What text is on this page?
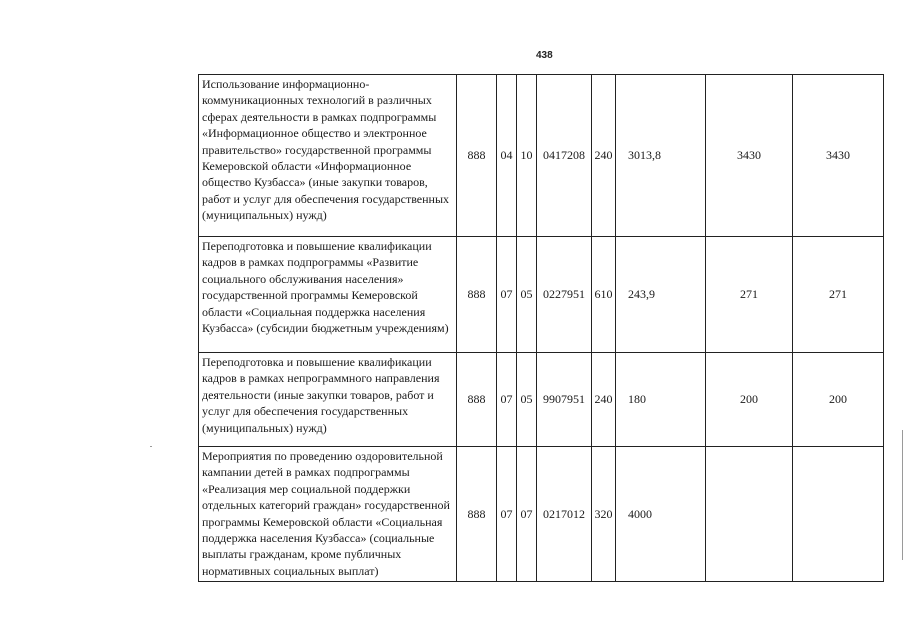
438
Использование информационно-коммуникационных технологий в различных сферах деятельности в рамках подпрограммы «Информационное общество и электронное правительство» государственной программы Кемеровской области «Информационное общество Кузбасса» (иные закупки товаров, работ и услуг для обеспечения государственных (муниципальных) нужд)	888	04	10	0417208	240	3013,8	3430	3430
Переподготовка и повышение квалификации кадров в рамках подпрограммы «Развитие социального обслуживания населения» государственной программы Кемеровской области «Социальная поддержка населения Кузбасса» (субсидии бюджетным учреждениям)	888	07	05	0227951	610	243,9	271	271
Переподготовка и повышение квалификации кадров в рамках непрограммного направления деятельности (иные закупки товаров, работ и услуг для обеспечения государственных (муниципальных) нужд)	888	07	05	9907951	240	180	200	200
Мероприятия по проведению оздоровительной кампании детей в рамках подпрограммы «Реализация мер социальной поддержки отдельных категорий граждан» государственной программы Кемеровской области «Социальная поддержка населения Кузбасса» (социальные выплаты гражданам, кроме публичных нормативных социальных выплат)	888	07	07	0217012	320	4000		
